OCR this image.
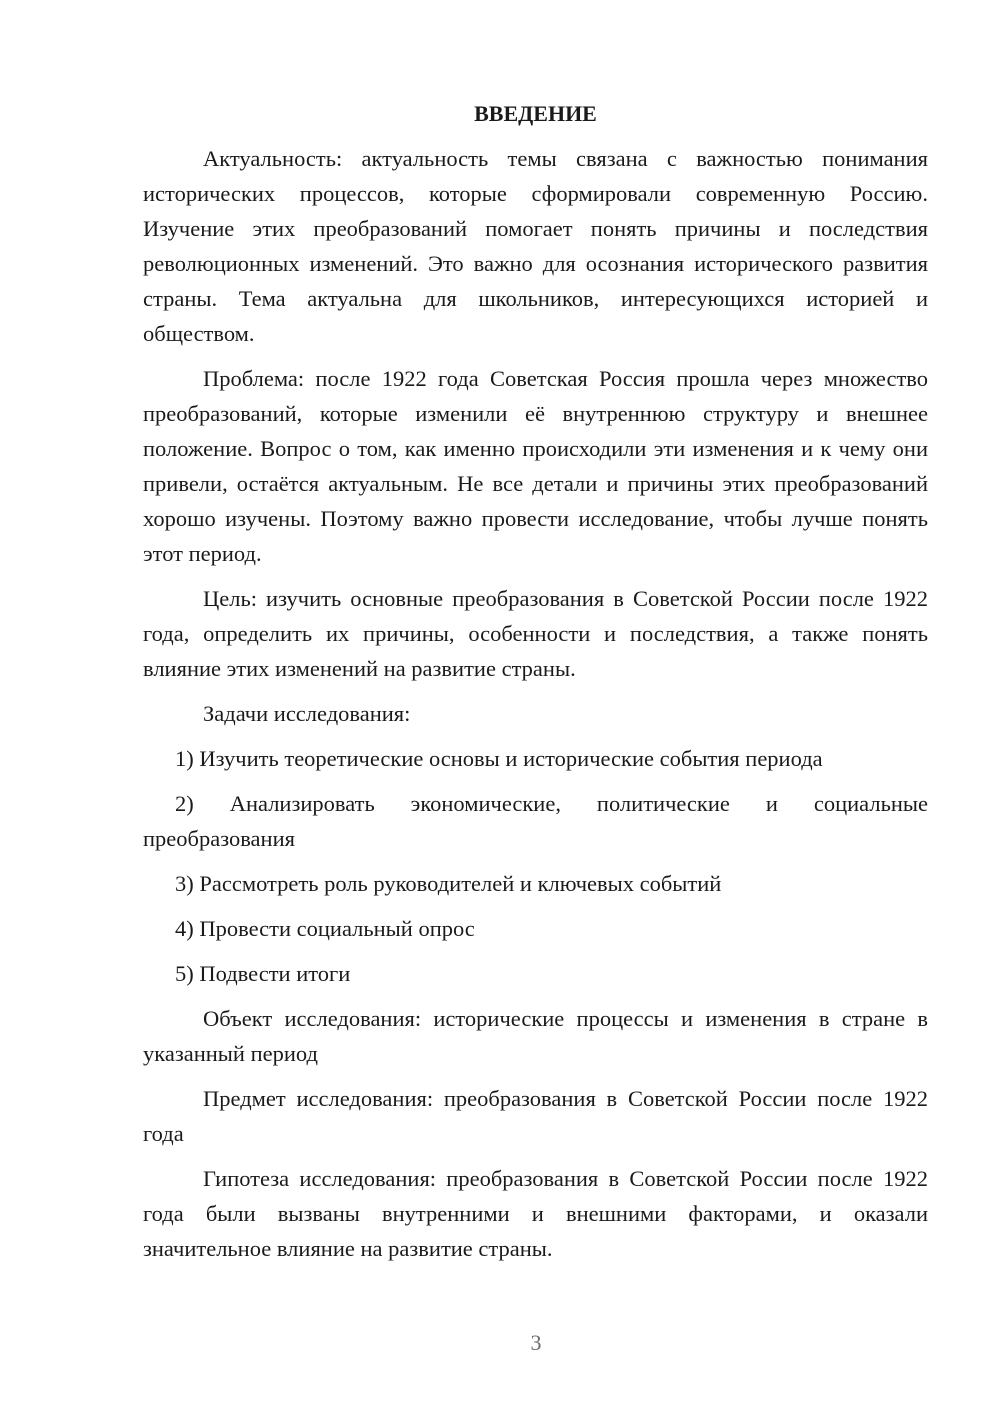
ВВЕДЕНИЕ

Актуальность: актуальность темы связана с важностью понимания исторических процессов, которые сформировали современную Россию. Изучение этих преобразований помогает понять причины и последствия революционных изменений. Это важно для осознания исторического развития страны. Тема актуальна для школьников, интересующихся историей и обществом.

Проблема: после 1922 года Советская Россия прошла через множество преобразований, которые изменили её внутреннюю структуру и внешнее положение. Вопрос о том, как именно происходили эти изменения и к чему они привели, остаётся актуальным. Не все детали и причины этих преобразований хорошо изучены. Поэтому важно провести исследование, чтобы лучше понять этот период.

Цель: изучить основные преобразования в Советской России после 1922 года, определить их причины, особенности и последствия, а также понять влияние этих изменений на развитие страны.

Задачи исследования:

1) Изучить теоретические основы и исторические события периода

2) Анализировать экономические, политические и социальные преобразования

3) Рассмотреть роль руководителей и ключевых событий

4) Провести социальный опрос

5) Подвести итоги

Объект исследования: исторические процессы и изменения в стране в указанный период

Предмет исследования: преобразования в Советской России после 1922 года

Гипотеза исследования: преобразования в Советской России после 1922 года были вызваны внутренними и внешними факторами, и оказали значительное влияние на развитие страны.

3
